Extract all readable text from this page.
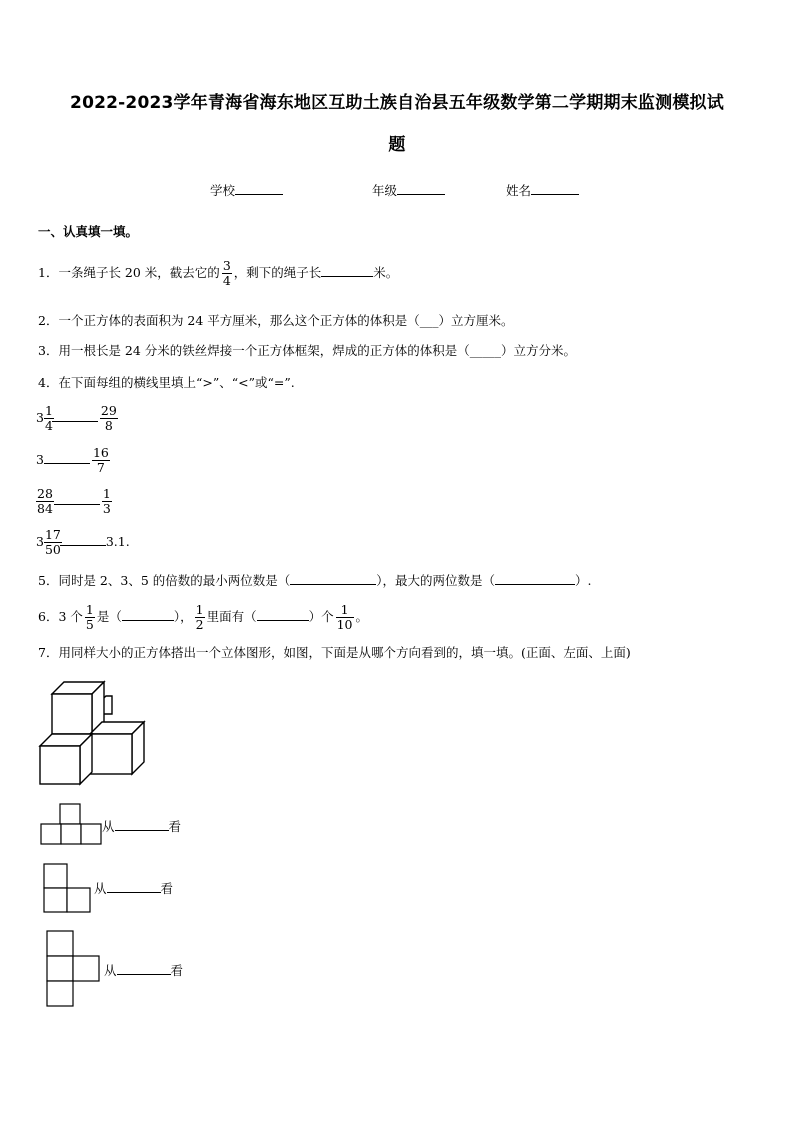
2022-2023学年青海省海东地区互助土族自治县五年级数学第二学期期末监测模拟试
题
学校	年级	姓名
一、认真填一填。
1．一条绳子长 20 米，截去它的 $\frac{3}{4}$ ，剩下的绳子长	米。
2．一个正方体的表面积为 24 平方厘米，那么这个正方体的体积是（___）立方厘米。
3．用一根长是 24 分米的铁丝焊接一个正方体框架，焊成的正方体的体积是（_____）立方分米。
4．在下面每组的横线里填上“>”、“<”或“=”.
$3 \frac{1}{4}$	$\frac{29}{8}$
3	$\frac{16}{7}$
$\frac{28}{84}$	$\frac{1}{3}$
$3 \frac{17}{50}$	3.1.
5．同时是 2、3、5 的倍数的最小两位数是（	），最大的两位数是（	）.
6．3 个 $\frac{1}{5}$ 是（	）， $\frac{1}{2}$ 里面有（	）个 $\frac{1}{10}$ 。
7．用同样大小的正方体搭出一个立体图形，如图，下面是从哪个方向看到的，填一填。(正面、左面、上面)
从	看
从	看
从	看
